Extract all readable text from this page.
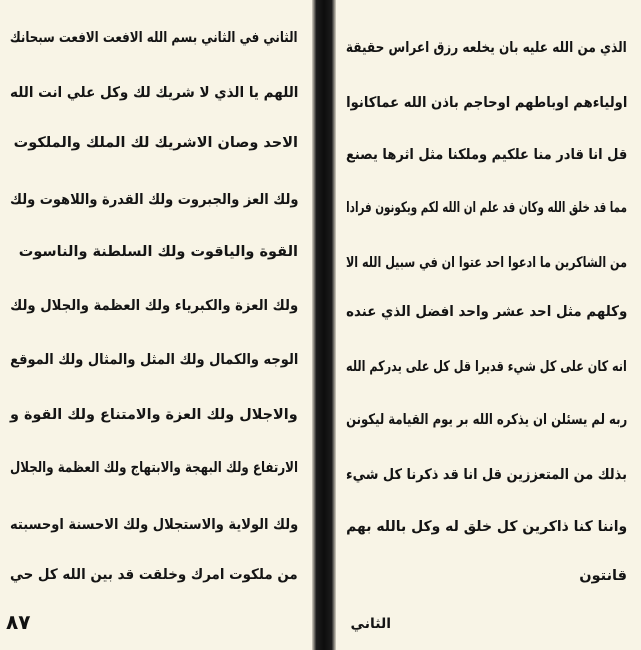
الثاني في الثاني بسم الله الافعت الافعت سبحانك
اللهم يا الذي لا شريك لك وكل علي انت الله
الاحد وصان الاشريك لك الملك والملكوت
ولك العز والجبروت ولك القدرة واللاهوت ولك
القوة والياقوت ولك السلطنة والناسوت
ولك العزة والكبرياء ولك العظمة والجلال ولك
الوجه والكمال ولك المثل والمثال ولك الموقع
والاجلال ولك العزة والامتناع ولك القوة و
الارتفاع ولك البهجة والابتهاج ولك العظمة والجلال
ولك الولاية والاستجلال ولك الاحسنة اوحسبته
من ملكوت امرك وخلقت قد بين الله كل حي
الذي من الله عليه بان يخلعه رزق اعراس حقيقة
اولياءهم اوباطهم اوحاجم باذن الله عماكانوا
قل انا قادر منا علكيم وملكنا مثل اثرها يصنع
مما قد خلق الله وكان قد علم ان الله لكم ويكونون فرادا
من الشاكرين ما ادعوا احد عتوا ان في سبيل الله الا
وكلهم مثل احد عشر واحد افضل الذي عنده
انه كان على كل شيء قديرا قل كل على يدركم الله
ربه لم يسئلن ان يذكره الله بر يوم القيامة ليكونن
بذلك من المتعززين قل انا قد ذكرنا كل شيء
واننا كنا ذاكرين كل خلق له وكل بالله بهم
قانتون
الثاني
۸۷
